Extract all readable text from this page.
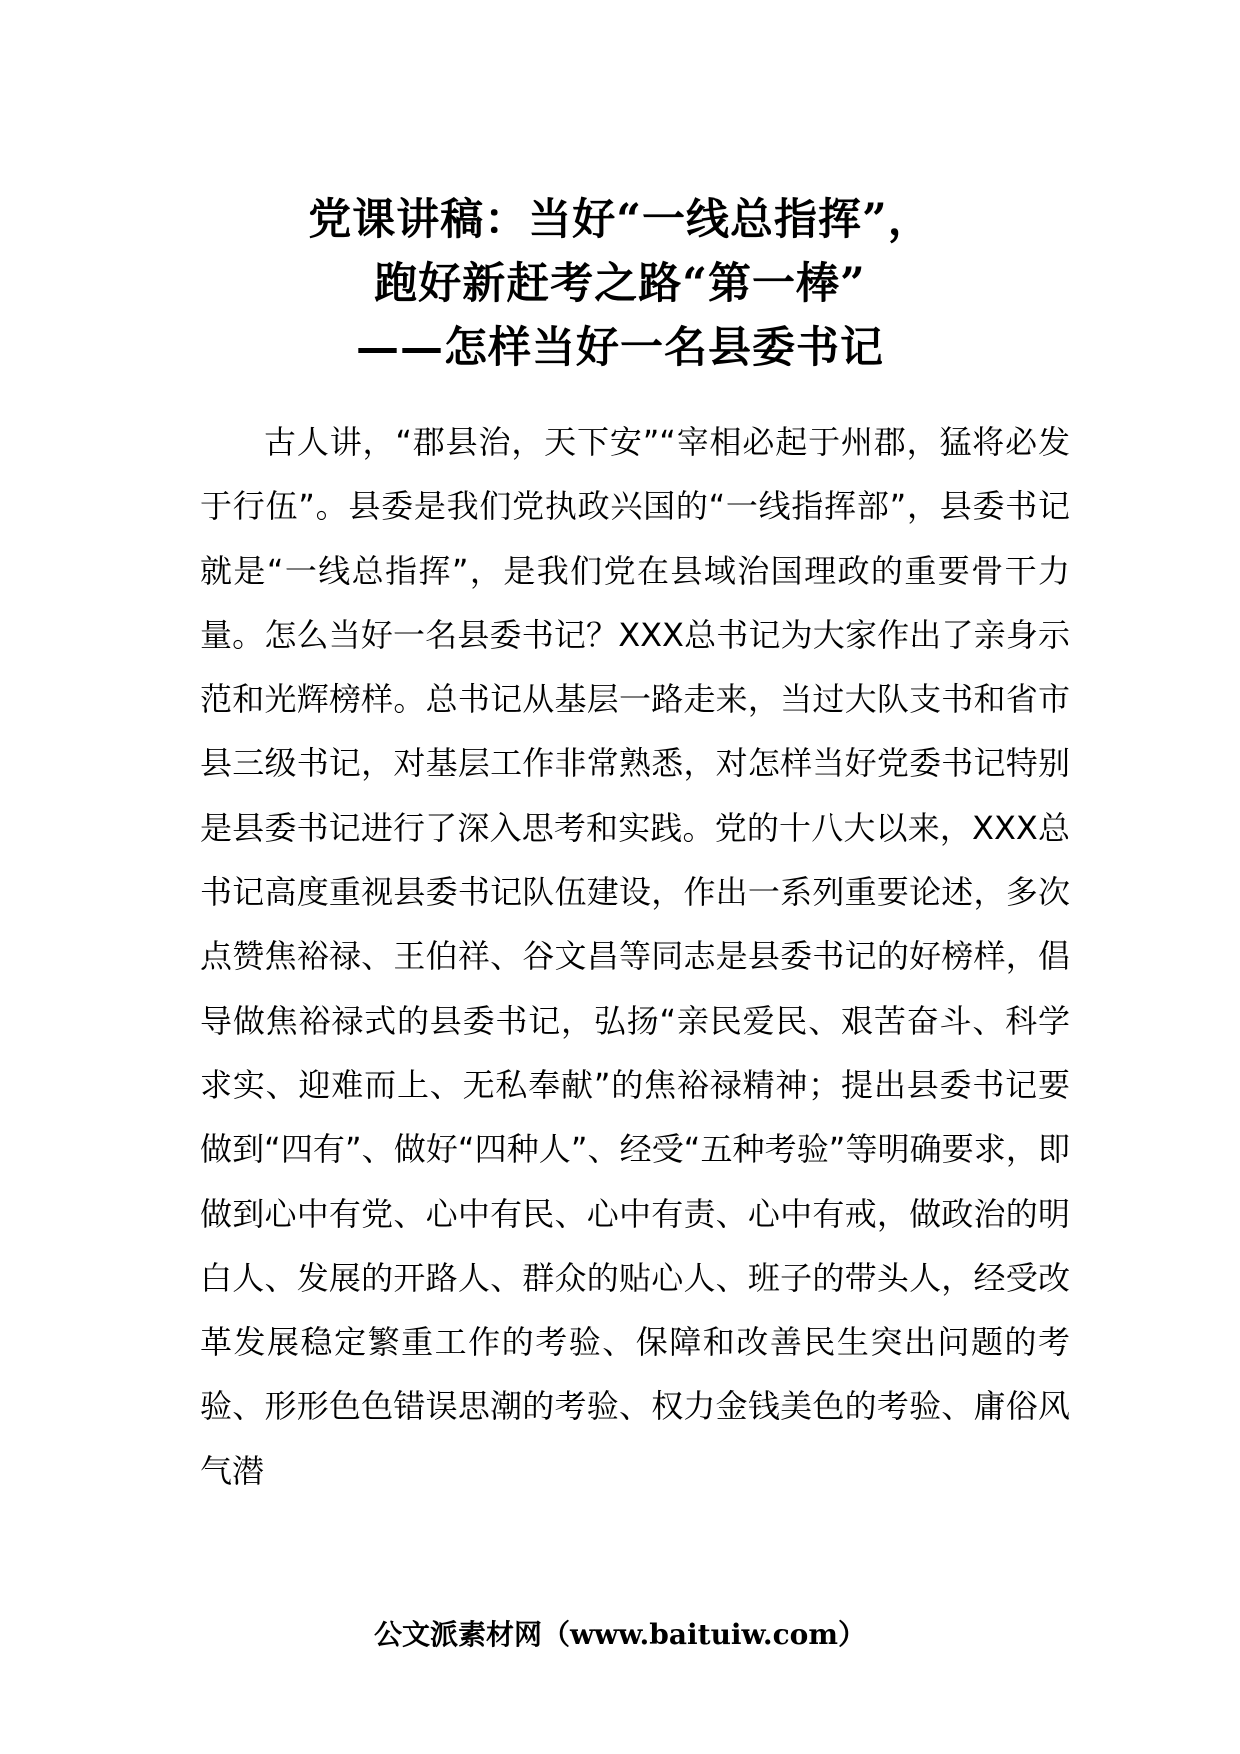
党课讲稿：当好“一线总指挥”，
跑好新赶考之路“第一棒”
——怎样当好一名县委书记

古人讲，“郡县治，天下安”“宰相必起于州郡，猛将必发于行伍”。县委是我们党执政兴国的“一线指挥部”，县委书记就是“一线总指挥”，是我们党在县域治国理政的重要骨干力量。怎么当好一名县委书记？XXX总书记为大家作出了亲身示范和光辉榜样。总书记从基层一路走来，当过大队支书和省市县三级书记，对基层工作非常熟悉，对怎样当好党委书记特别是县委书记进行了深入思考和实践。党的十八大以来，XXX总书记高度重视县委书记队伍建设，作出一系列重要论述，多次点赞焦裕禄、王伯祥、谷文昌等同志是县委书记的好榜样，倡导做焦裕禄式的县委书记，弘扬“亲民爱民、艰苦奋斗、科学求实、迎难而上、无私奉献”的焦裕禄精神；提出县委书记要做到“四有”、做好“四种人”、经受“五种考验”等明确要求，即做到心中有党、心中有民、心中有责、心中有戒，做政治的明白人、发展的开路人、群众的贴心人、班子的带头人，经受改革发展稳定繁重工作的考验、保障和改善民生突出问题的考验、形形色色错误思潮的考验、权力金钱美色的考验、庸俗风气潜

公文派素材网（www.baituiw.com）
